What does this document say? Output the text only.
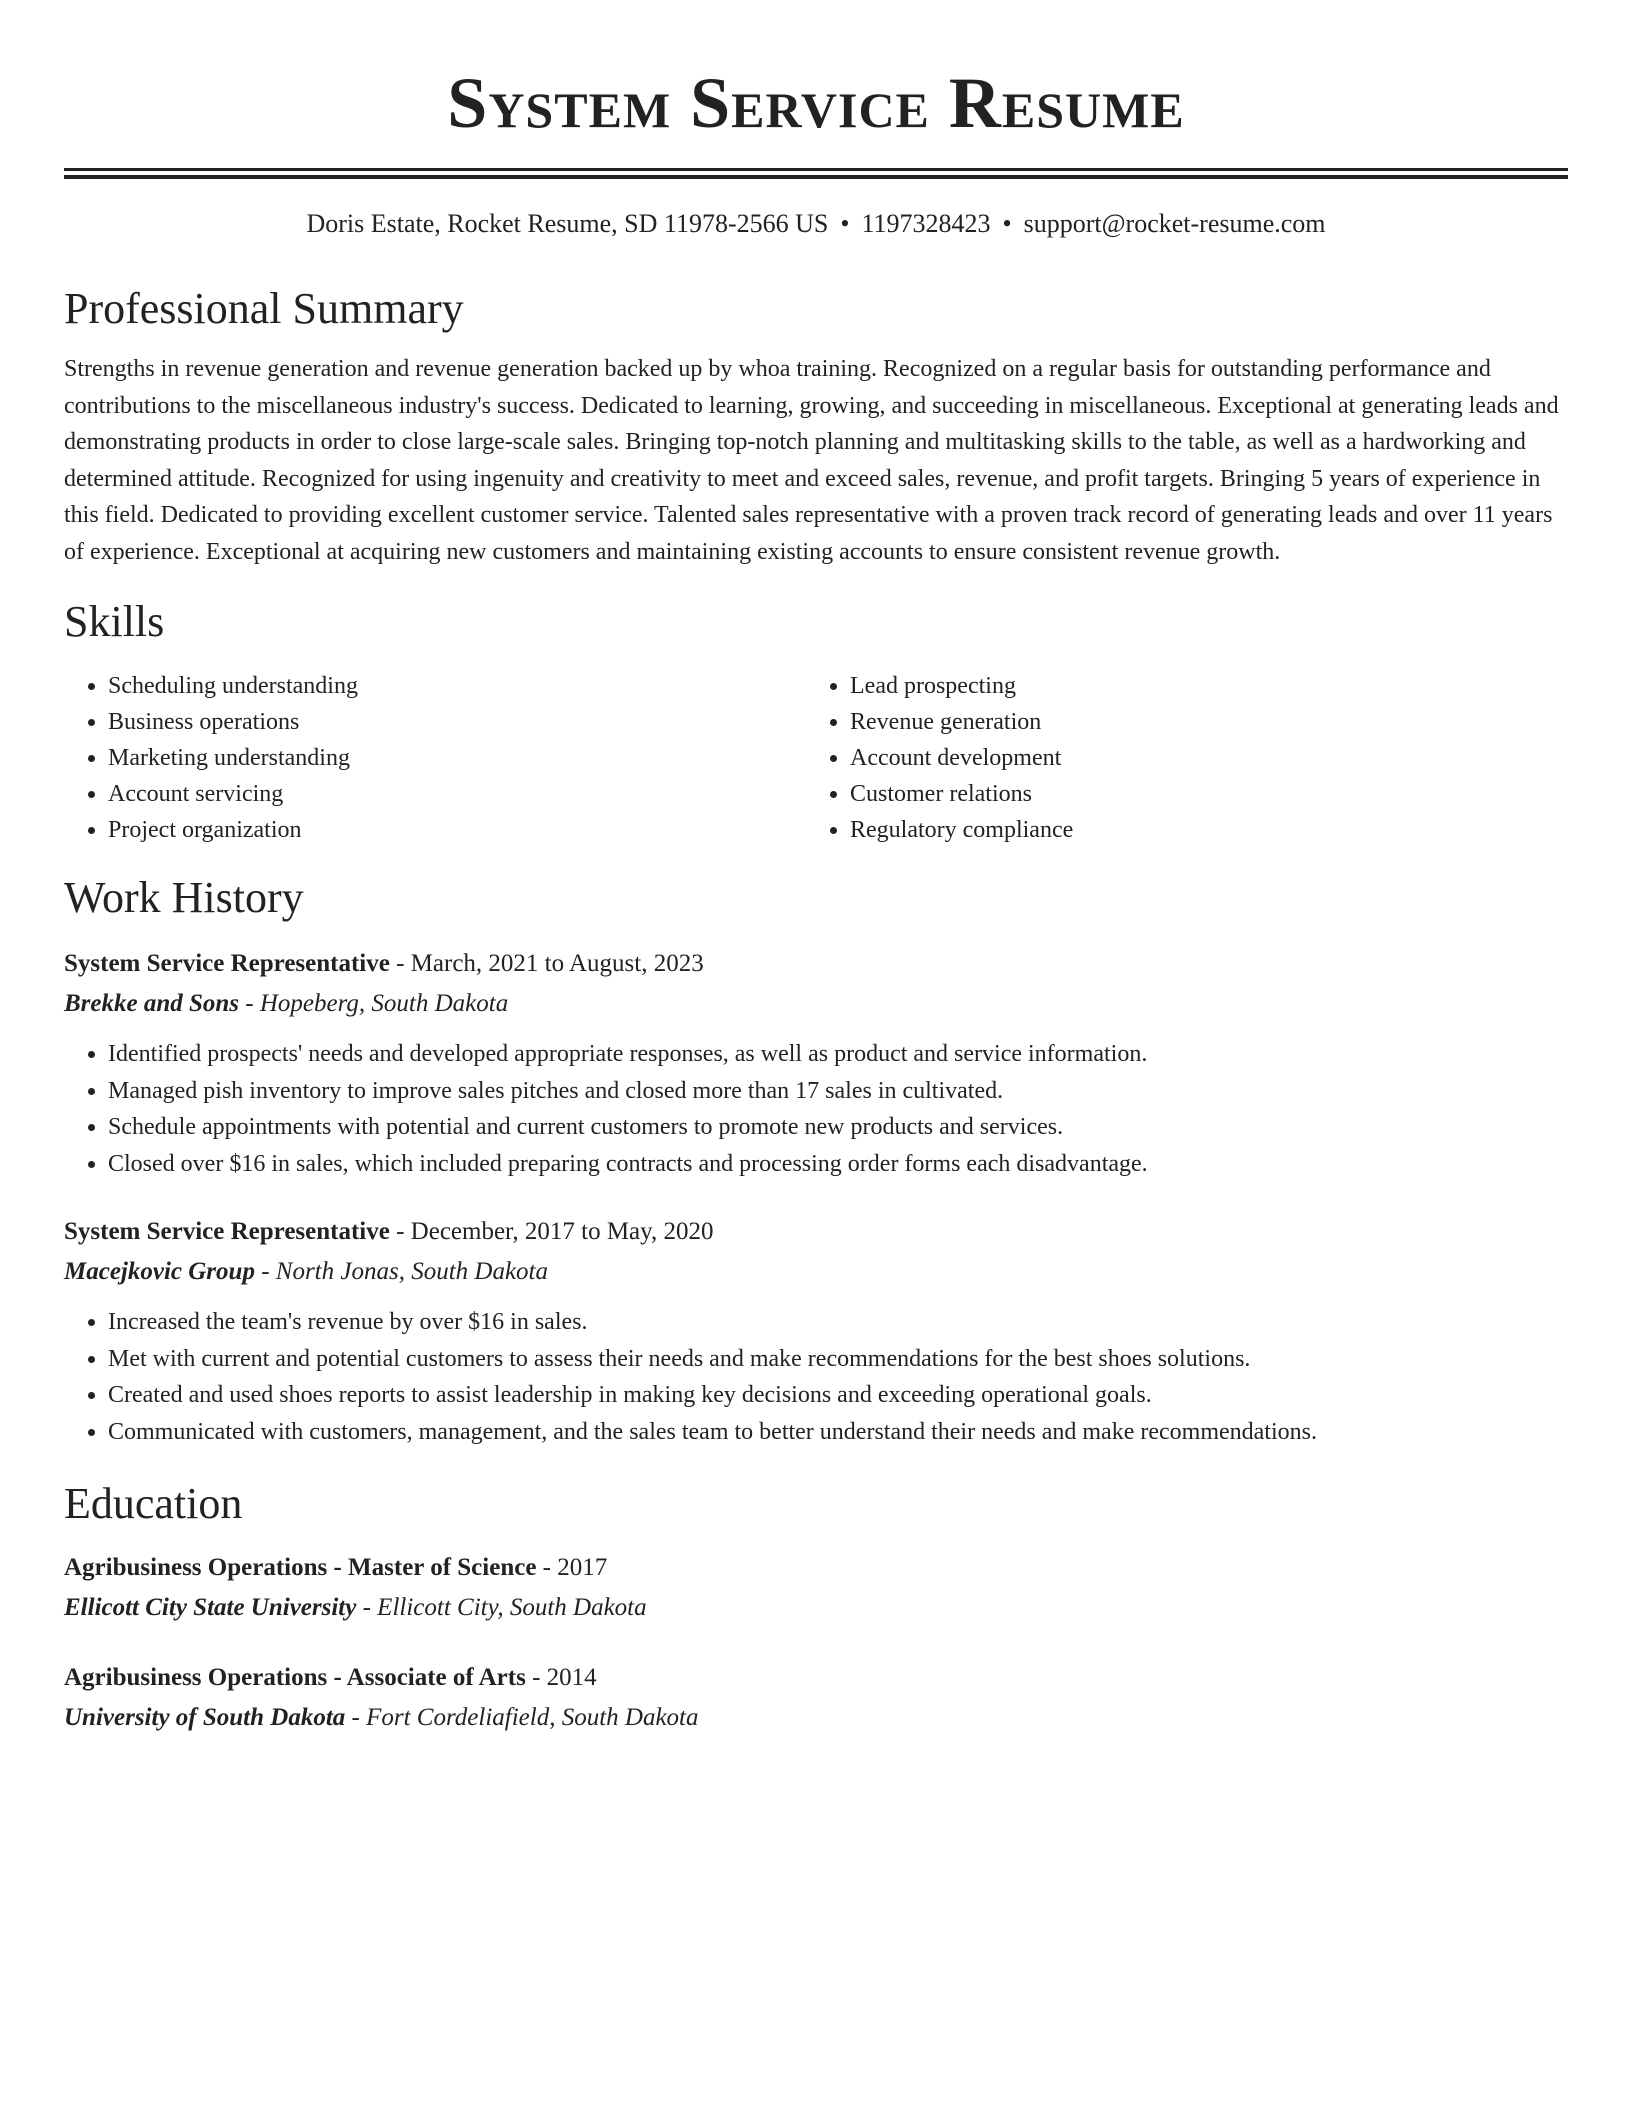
System Service Resume
Doris Estate, Rocket Resume, SD 11978-2566 US • 1197328423 • support@rocket-resume.com
Professional Summary

Strengths in revenue generation and revenue generation backed up by whoa training. Recognized on a regular basis for outstanding performance and contributions to the miscellaneous industry's success. Dedicated to learning, growing, and succeeding in miscellaneous. Exceptional at generating leads and demonstrating products in order to close large-scale sales. Bringing top-notch planning and multitasking skills to the table, as well as a hardworking and determined attitude. Recognized for using ingenuity and creativity to meet and exceed sales, revenue, and profit targets. Bringing 5 years of experience in this field. Dedicated to providing excellent customer service. Talented sales representative with a proven track record of generating leads and over 11 years of experience. Exceptional at acquiring new customers and maintaining existing accounts to ensure consistent revenue growth.

Skills
• Scheduling understanding
• Business operations
• Marketing understanding
• Account servicing
• Project organization
• Lead prospecting
• Revenue generation
• Account development
• Customer relations
• Regulatory compliance
Work History
System Service Representative - March, 2021 to August, 2023
Brekke and Sons - Hopeberg, South Dakota
• Identified prospects' needs and developed appropriate responses, as well as product and service information.
• Managed pish inventory to improve sales pitches and closed more than 17 sales in cultivated.
• Schedule appointments with potential and current customers to promote new products and services.
• Closed over $16 in sales, which included preparing contracts and processing order forms each disadvantage.
System Service Representative - December, 2017 to May, 2020
Macejkovic Group - North Jonas, South Dakota
• Increased the team's revenue by over $16 in sales.
• Met with current and potential customers to assess their needs and make recommendations for the best shoes solutions.
• Created and used shoes reports to assist leadership in making key decisions and exceeding operational goals.
• Communicated with customers, management, and the sales team to better understand their needs and make recommendations.
Education
Agribusiness Operations - Master of Science - 2017
Ellicott City State University - Ellicott City, South Dakota
Agribusiness Operations - Associate of Arts - 2014
University of South Dakota - Fort Cordeliafield, South Dakota
